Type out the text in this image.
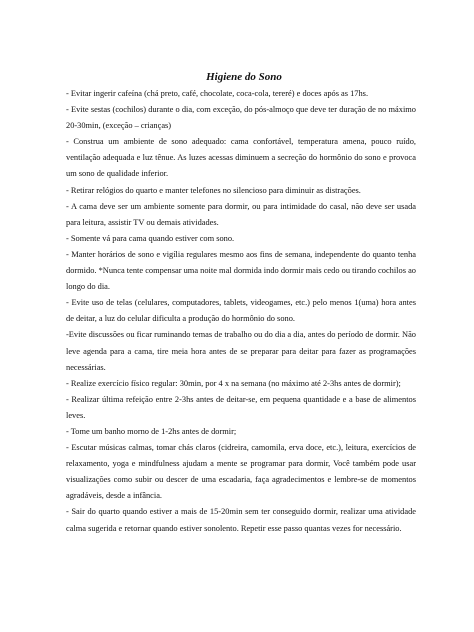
Higiene do Sono

- Evitar ingerir cafeína (chá preto, café, chocolate, coca-cola, tereré) e doces após as 17hs.

- Evite sestas (cochilos) durante o dia, com exceção, do pós-almoço que deve ter duração de no máximo 20-30min, (exceção – crianças)

- Construa um ambiente de sono adequado: cama confortável, temperatura amena, pouco ruído, ventilação adequada e luz tênue. As luzes acessas diminuem a secreção do hormônio do sono e provoca um sono de qualidade inferior.

- Retirar relógios do quarto e manter telefones no silencioso para diminuir as distrações.

- A cama deve ser um ambiente somente para dormir, ou para intimidade do casal, não deve ser usada para leitura, assistir TV ou demais atividades.

- Somente vá para cama quando estiver com sono.

- Manter horários de sono e vigília regulares mesmo aos fins de semana, independente do quanto tenha dormido. *Nunca tente compensar uma noite mal dormida indo dormir mais cedo ou tirando cochilos ao longo do dia.

- Evite uso de telas (celulares, computadores, tablets, videogames, etc.) pelo menos 1(uma) hora antes de deitar, a luz do celular dificulta a produção do hormônio do sono.

-Evite discussões ou ficar ruminando temas de trabalho ou do dia a dia, antes do período de dormir. Não leve agenda para a cama, tire meia hora antes de se preparar para deitar para fazer as programações necessárias.

- Realize exercício físico regular: 30min, por 4 x na semana (no máximo até 2-3hs antes de dormir);

- Realizar última refeição entre 2-3hs antes de deitar-se, em pequena quantidade e a base de alimentos leves.

- Tome um banho morno de 1-2hs antes de dormir;

- Escutar músicas calmas, tomar chás claros (cidreira, camomila, erva doce, etc.), leitura, exercícios de relaxamento, yoga e mindfulness ajudam a mente se programar para dormir, Você também pode usar visualizações como subir ou descer de uma escadaria, faça agradecimentos e lembre-se de momentos agradáveis, desde a infância.

- Sair do quarto quando estiver a mais de 15-20min sem ter conseguido dormir, realizar uma atividade calma sugerida e retornar quando estiver sonolento. Repetir esse passo quantas vezes for necessário.
